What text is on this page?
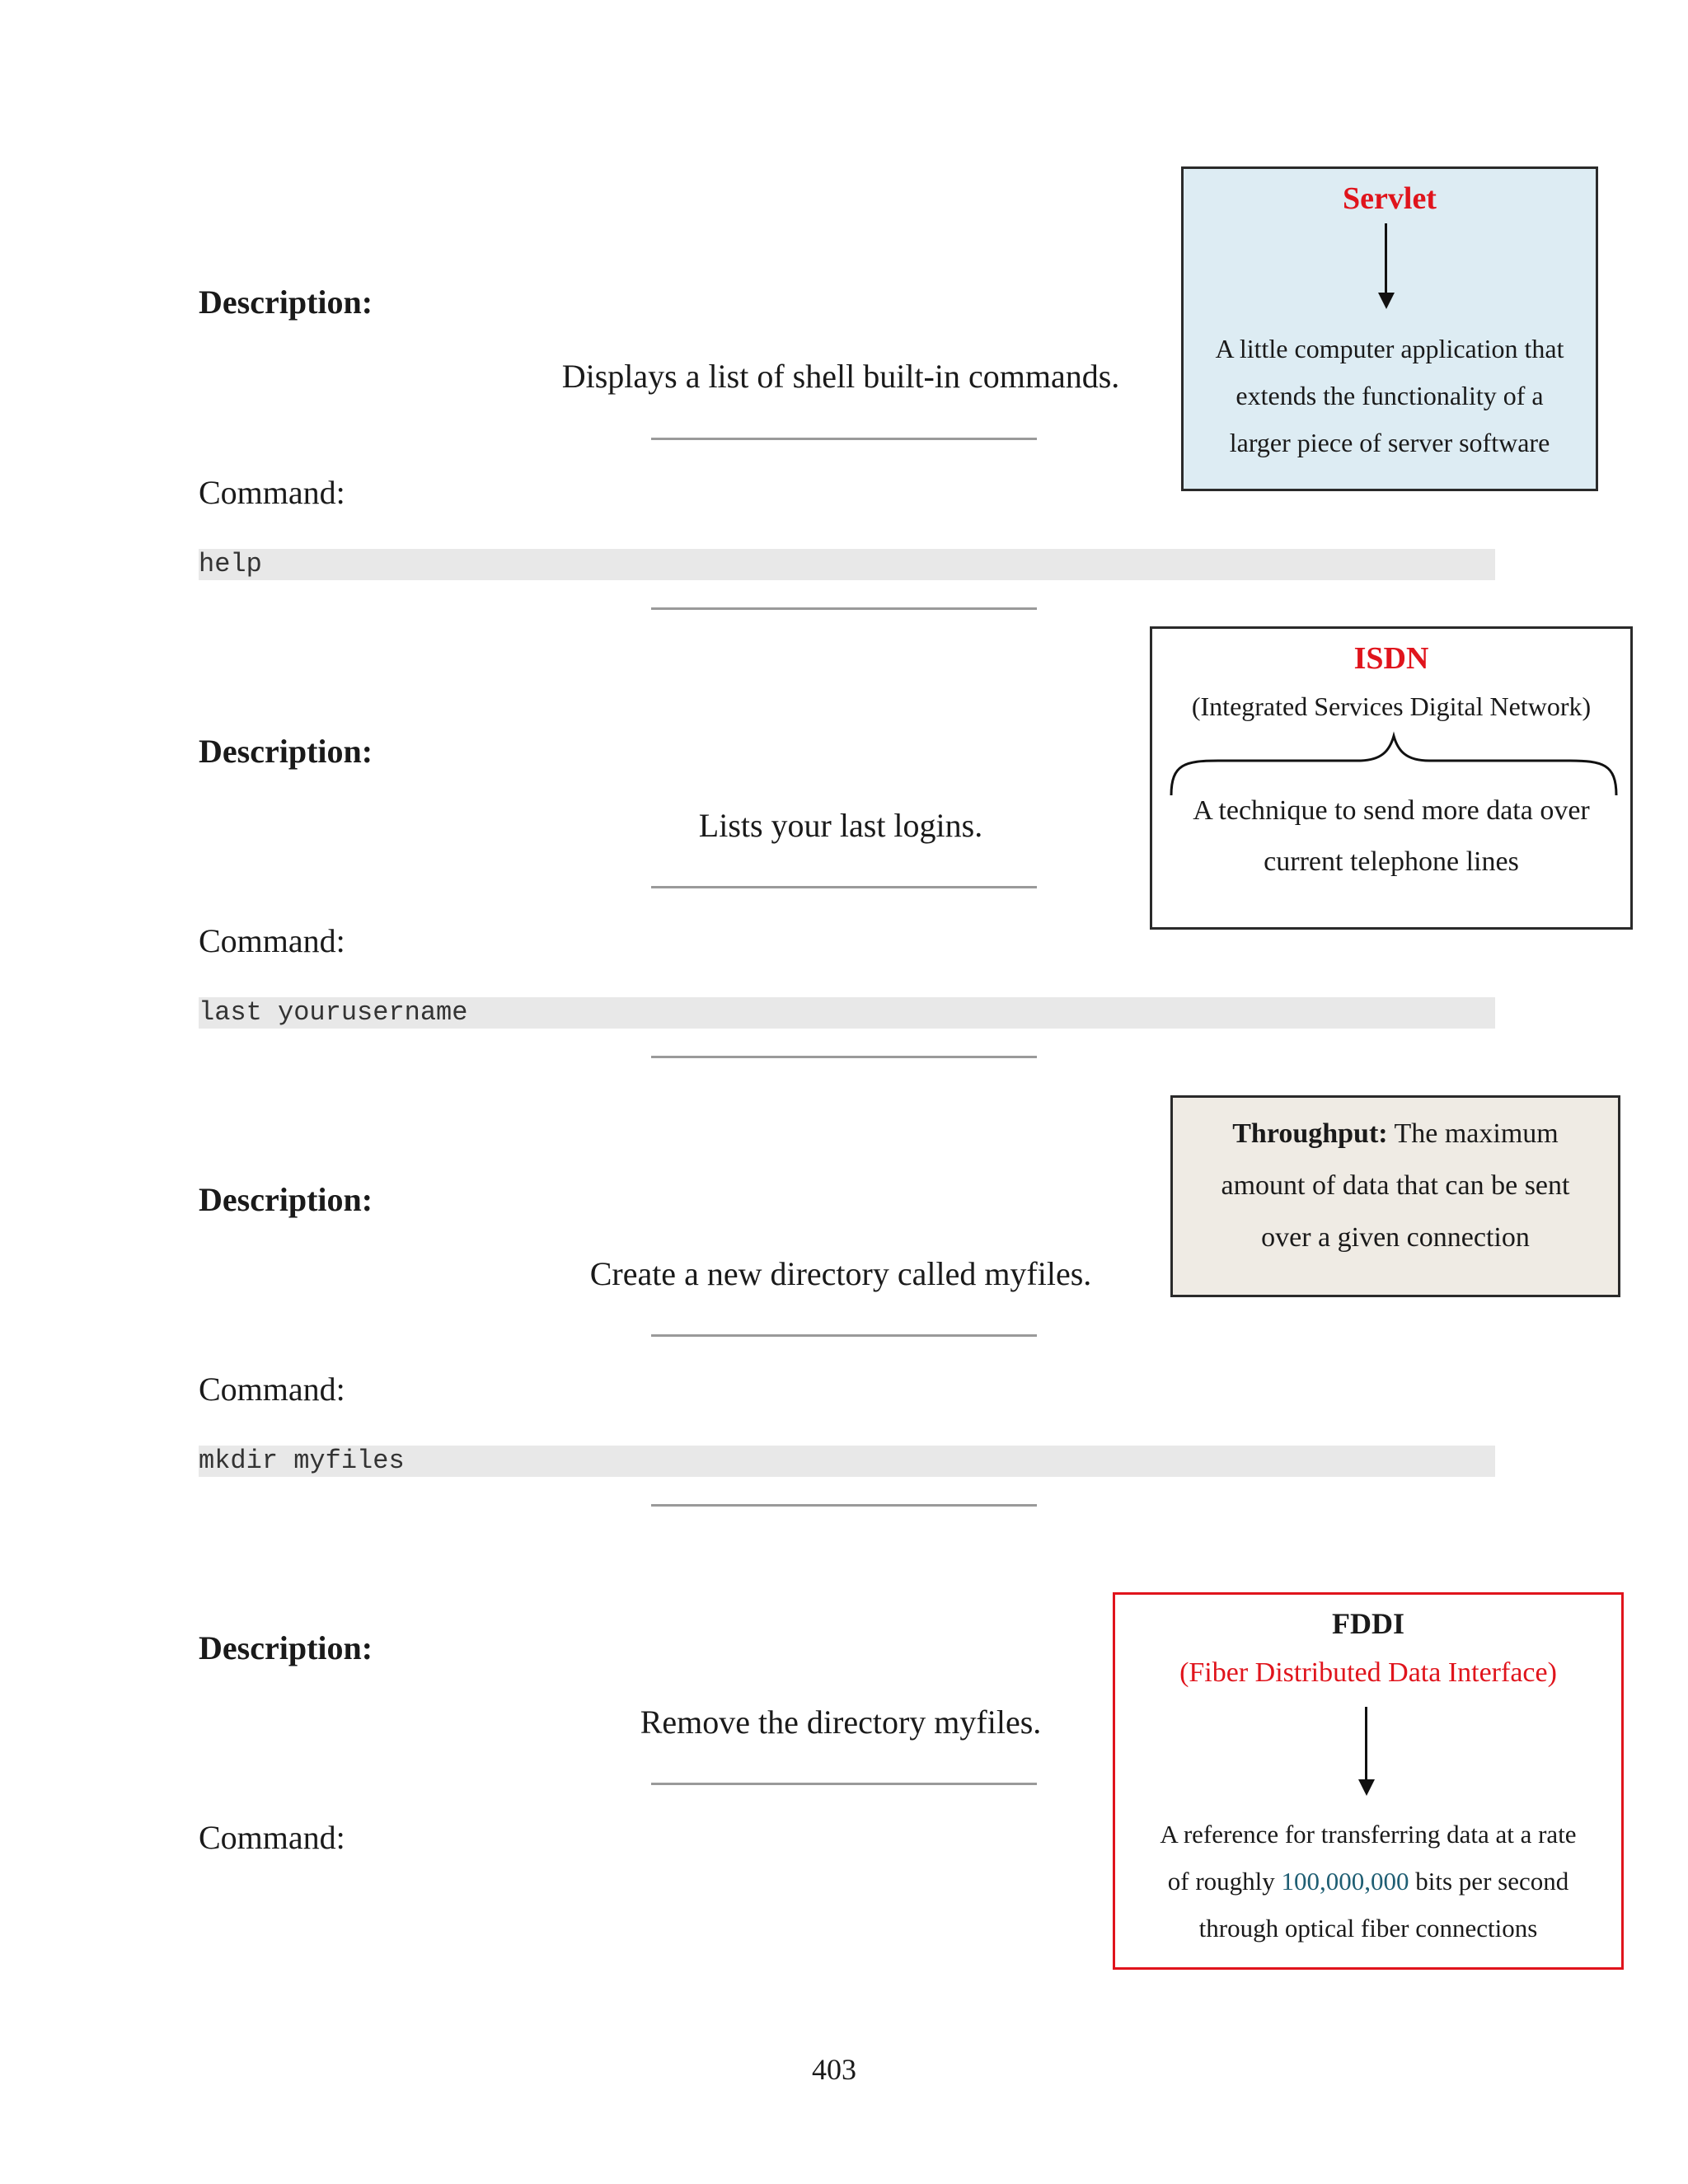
Description:
Displays a list of shell built-in commands.
Command:
help
Description:
Lists your last logins.
Command:
last yourusername
Description:
Create a new directory called myfiles.
Command:
mkdir myfiles
Description:
Remove the directory myfiles.
Command:
Servlet
A little computer application that
extends the functionality of a
larger piece of server software
ISDN
(Integrated Services Digital Network)
A technique to send more data over
current telephone lines
Throughput: The maximum
amount of data that can be sent
over a given connection
FDDI
(Fiber Distributed Data Interface)
A reference for transferring data at a rate
of roughly 100,000,000 bits per second
through optical fiber connections
403
